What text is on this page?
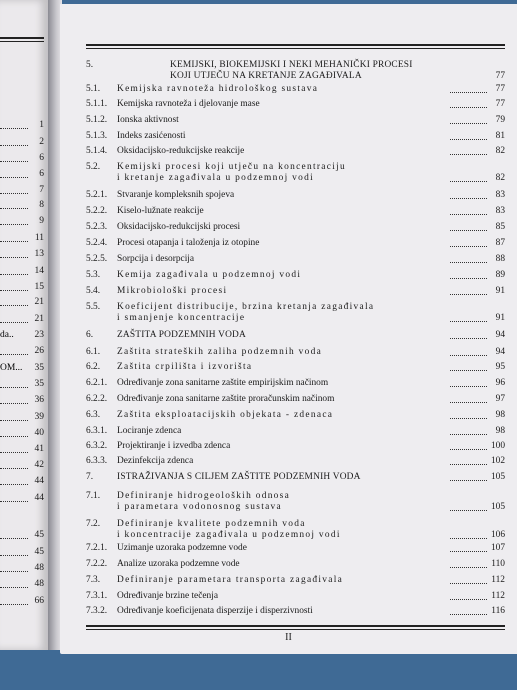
1
2
6
6
7
8
9
11
13
14
15
21
21
23
da..
26
35
OM...
35
36
39
40
41
42
44
44
45
45
48
48
66
5.	KEMIJSKI, BIOKEMIJSKI I NEKI MEHANIČKI PROCESI
KOJI UTJEČU NA KRETANJE ZAGAĐIVALA	77
5.1. Kemijska ravnoteža hidrološkog sustava	77
5.1.1. Kemijska ravnoteža i djelovanje mase	77
5.1.2. Ionska aktivnost	79
5.1.3. Indeks zasićenosti	81
5.1.4. Oksidacijsko-redukcijske reakcije	82
5.2. Kemijski procesi koji utječu na koncentraciju
i kretanje zagađivala u podzemnoj vodi	82
5.2.1. Stvaranje kompleksnih spojeva	83
5.2.2. Kiselo-lužnate reakcije	83
5.2.3. Oksidacijsko-redukcijski procesi	85
5.2.4. Procesi otapanja i taloženja iz otopine	87
5.2.5. Sorpcija i desorpcija	88
5.3. Kemija zagađivala u podzemnoj vodi	89
5.4. Mikrobiološki procesi	91
5.5. Koeficijent distribucije, brzina kretanja zagađivala
i smanjenje koncentracije	91
6.	ZAŠTITA PODZEMNIH VODA	94
6.1. Zaštita strateških zaliha podzemnih voda	94
6.2. Zaštita crpilišta i izvorišta	95
6.2.1. Određivanje zona sanitarne zaštite empirijskim načinom	96
6.2.2. Određivanje zona sanitarne zaštite proračunskim načinom	97
6.3. Zaštita eksploatacijskih objekata - zdenaca	98
6.3.1. Lociranje zdenca	98
6.3.2. Projektiranje i izvedba zdenca	100
6.3.3. Dezinfekcija zdenca	102
7.	ISTRAŽIVANJA S CILJEM ZAŠTITE PODZEMNIH VODA	105
7.1. Definiranje hidrogeoloških odnosa
i parametara vodonosnog sustava	105
7.2. Definiranje kvalitete podzemnih voda
i koncentracije zagađivala u podzemnoj vodi	106
7.2.1. Uzimanje uzoraka podzemne vode	107
7.2.2. Analize uzoraka podzemne vode	110
7.3. Definiranje parametara transporta zagađivala	112
7.3.1. Određivanje brzine tečenja	112
7.3.2. Određivanje koeficijenata disperzije i disperzivnosti	116
II
